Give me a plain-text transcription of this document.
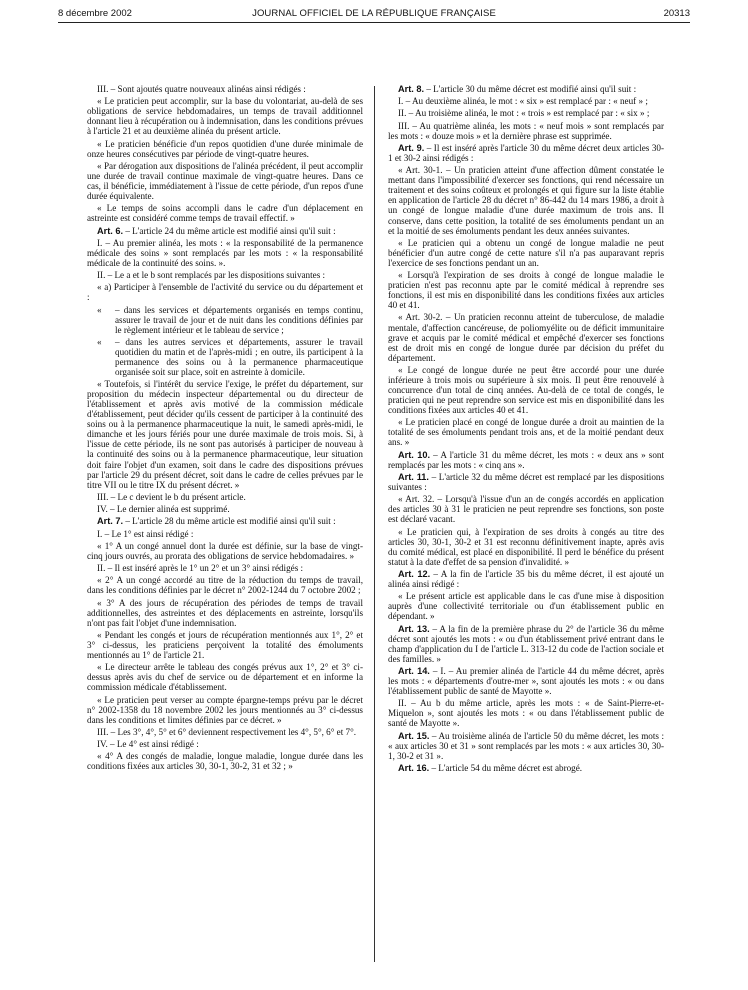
8 décembre 2002	JOURNAL OFFICIEL DE LA RÉPUBLIQUE FRANÇAISE	20313

III. – Sont ajoutés quatre nouveaux alinéas ainsi rédigés :

« Le praticien peut accomplir, sur la base du volontariat, au-delà de ses obligations de service hebdomadaires, un temps de travail additionnel donnant lieu à récupération ou à indemnisation, dans les conditions prévues à l'article 21 et au deuxième alinéa du présent article.

« Le praticien bénéficie d'un repos quotidien d'une durée minimale de onze heures consécutives par période de vingt-quatre heures.

« Par dérogation aux dispositions de l'alinéa précédent, il peut accomplir une durée de travail continue maximale de vingt-quatre heures. Dans ce cas, il bénéficie, immédiatement à l'issue de cette période, d'un repos d'une durée équivalente.

« Le temps de soins accompli dans le cadre d'un déplacement en astreinte est considéré comme temps de travail effectif. »

Art. 6. – L'article 24 du même article est modifié ainsi qu'il suit :

I. – Au premier alinéa, les mots : « la responsabilité de la permanence médicale des soins » sont remplacés par les mots : « la responsabilité médicale de la continuité des soins. ».

II. – Le a et le b sont remplacés par les dispositions suivantes :

« a) Participer à l'ensemble de l'activité du service ou du département et :

« – dans les services et départements organisés en temps continu, assurer le travail de jour et de nuit dans les conditions définies par le règlement intérieur et le tableau de service ;
« – dans les autres services et départements, assurer le travail quotidien du matin et de l'après-midi ; en outre, ils participent à la permanence des soins ou à la permanence pharmaceutique organisée soit sur place, soit en astreinte à domicile.

« Toutefois, si l'intérêt du service l'exige, le préfet du département, sur proposition du médecin inspecteur départemental ou du directeur de l'établissement et après avis motivé de la commission médicale d'établissement, peut décider qu'ils cessent de participer à la continuité des soins ou à la permanence pharmaceutique la nuit, le samedi après-midi, le dimanche et les jours fériés pour une durée maximale de trois mois. Si, à l'issue de cette période, ils ne sont pas autorisés à participer de nouveau à la continuité des soins ou à la permanence pharmaceutique, leur situation doit faire l'objet d'un examen, soit dans le cadre des dispositions prévues par l'article 29 du présent décret, soit dans le cadre de celles prévues par le titre VII ou le titre IX du présent décret. »

III. – Le c devient le b du présent article.

IV. – Le dernier alinéa est supprimé.

Art. 7. – L'article 28 du même article est modifié ainsi qu'il suit :

I. – Le 1° est ainsi rédigé :

« 1° A un congé annuel dont la durée est définie, sur la base de vingt-cinq jours ouvrés, au prorata des obligations de service hebdomadaires. »

II. – Il est inséré après le 1° un 2° et un 3° ainsi rédigés :

« 2° A un congé accordé au titre de la réduction du temps de travail, dans les conditions définies par le décret n° 2002-1244 du 7 octobre 2002 ;

« 3° A des jours de récupération des périodes de temps de travail additionnelles, des astreintes et des déplacements en astreinte, lorsqu'ils n'ont pas fait l'objet d'une indemnisation.

« Pendant les congés et jours de récupération mentionnés aux 1°, 2° et 3° ci-dessus, les praticiens perçoivent la totalité des émoluments mentionnés au 1° de l'article 21.

« Le directeur arrête le tableau des congés prévus aux 1°, 2° et 3° ci-dessus après avis du chef de service ou de département et en informe la commission médicale d'établissement.

« Le praticien peut verser au compte épargne-temps prévu par le décret n° 2002-1358 du 18 novembre 2002 les jours mentionnés au 3° ci-dessus dans les conditions et limites définies par ce décret. »

III. – Les 3°, 4°, 5° et 6° deviennent respectivement les 4°, 5°, 6° et 7°.

IV. – Le 4° est ainsi rédigé :

« 4° A des congés de maladie, longue maladie, longue durée dans les conditions fixées aux articles 30, 30-1, 30-2, 31 et 32 ; »

Art. 8. – L'article 30 du même décret est modifié ainsi qu'il suit :

I. – Au deuxième alinéa, le mot : « six » est remplacé par : « neuf » ;

II. – Au troisième alinéa, le mot : « trois » est remplacé par : « six » ;

III. – Au quatrième alinéa, les mots : « neuf mois » sont remplacés par les mots : « douze mois » et la dernière phrase est supprimée.

Art. 9. – Il est inséré après l'article 30 du même décret deux articles 30-1 et 30-2 ainsi rédigés :

« Art. 30-1. – Un praticien atteint d'une affection dûment constatée le mettant dans l'impossibilité d'exercer ses fonctions, qui rend nécessaire un traitement et des soins coûteux et prolongés et qui figure sur la liste établie en application de l'article 28 du décret n° 86-442 du 14 mars 1986, a droit à un congé de longue maladie d'une durée maximum de trois ans. Il conserve, dans cette position, la totalité de ses émoluments pendant un an et la moitié de ses émoluments pendant les deux années suivantes.

« Le praticien qui a obtenu un congé de longue maladie ne peut bénéficier d'un autre congé de cette nature s'il n'a pas auparavant repris l'exercice de ses fonctions pendant un an.

« Lorsqu'à l'expiration de ses droits à congé de longue maladie le praticien n'est pas reconnu apte par le comité médical à reprendre ses fonctions, il est mis en disponibilité dans les conditions fixées aux articles 40 et 41.

« Art. 30-2. – Un praticien reconnu atteint de tuberculose, de maladie mentale, d'affection cancéreuse, de poliomyélite ou de déficit immunitaire grave et acquis par le comité médical et empêché d'exercer ses fonctions est de droit mis en congé de longue durée par décision du préfet du département.

« Le congé de longue durée ne peut être accordé pour une durée inférieure à trois mois ou supérieure à six mois. Il peut être renouvelé à concurrence d'un total de cinq années. Au-delà de ce total de congés, le praticien qui ne peut reprendre son service est mis en disponibilité dans les conditions fixées aux articles 40 et 41.

« Le praticien placé en congé de longue durée a droit au maintien de la totalité de ses émoluments pendant trois ans, et de la moitié pendant deux ans. »

Art. 10. – A l'article 31 du même décret, les mots : « deux ans » sont remplacés par les mots : « cinq ans ».

Art. 11. – L'article 32 du même décret est remplacé par les dispositions suivantes :

« Art. 32. – Lorsqu'à l'issue d'un an de congés accordés en application des articles 30 à 31 le praticien ne peut reprendre ses fonctions, son poste est déclaré vacant.

« Le praticien qui, à l'expiration de ses droits à congés au titre des articles 30, 30-1, 30-2 et 31 est reconnu définitivement inapte, après avis du comité médical, est placé en disponibilité. Il perd le bénéfice du présent statut à la date d'effet de sa pension d'invalidité. »

Art. 12. – A la fin de l'article 35 bis du même décret, il est ajouté un alinéa ainsi rédigé :

« Le présent article est applicable dans le cas d'une mise à disposition auprès d'une collectivité territoriale ou d'un établissement public en dépendant. »

Art. 13. – A la fin de la première phrase du 2° de l'article 36 du même décret sont ajoutés les mots : « ou d'un établissement privé entrant dans le champ d'application du I de l'article L. 313-12 du code de l'action sociale et des familles. »

Art. 14. – I. – Au premier alinéa de l'article 44 du même décret, après les mots : « départements d'outre-mer », sont ajoutés les mots : « ou dans l'établissement public de santé de Mayotte ».

II. – Au b du même article, après les mots : « de Saint-Pierre-et-Miquelon », sont ajoutés les mots : « ou dans l'établissement public de santé de Mayotte ».

Art. 15. – Au troisième alinéa de l'article 50 du même décret, les mots : « aux articles 30 et 31 » sont remplacés par les mots : « aux articles 30, 30-1, 30-2 et 31 ».

Art. 16. – L'article 54 du même décret est abrogé.
